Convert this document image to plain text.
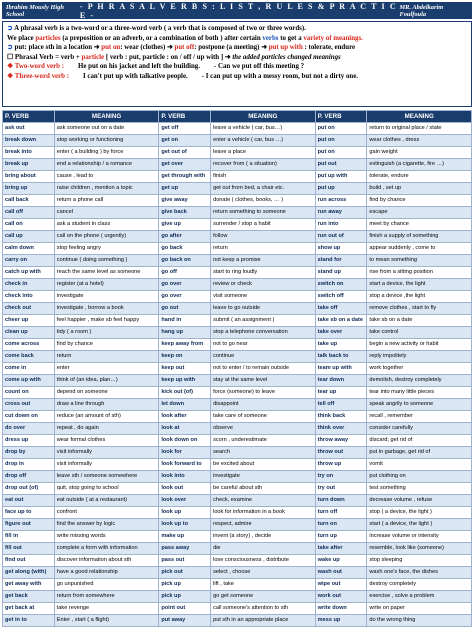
Ibrahim Mously High School
- P H R A S A L V E R B S : L I S T , R U L E S & P R A C T I C E -
MR. Abdelkarim Foulfoula
➲ A phrasal verb is a two-word or a three-word verb ( a verb that is composed of two or three words).
We place particles (a preposition or an adverb, or a combination of both ) after certain verbs to get a variety of meanings.
➲ put: place sth in a location ➜ put on: wear (clothes) ➜ put off: postpone (a meeting) ➜ put up with : tolerate, endure
☐ Phrasal Verb = verb + particle [ verb : put, particle : on / off / up with ] ➜ the added particles changed meanings
❖ Two-word verb : He put on his jacket and left the building. - Can we put off this meeting ?
❖ Three-word verb : I can't put up with talkative people. - I can put up with a messy room, but not a dirty one.
P. VERB	MEANING	P. VERB	MEANING	P. VERB	MEANING
ask out	ask someone out on a date	get off	leave a vehicle ( car, bus…)	put on	return to original place / state
break down	stop working or functioning	get on	enter a vehicle ( car, bus …)	put on	wear clothes , dress
break into	enter ( a building ) by force	get out of	leave a place	put on	gain weight
break up	end a relationship / a romance	get over	recover from ( a situation)	put out	extinguish (a cigarette, fire …)
bring about	cause , lead to	get through with	finish	put up with	tolerate, endure
bring up	raise children , mention a topic	get up	get out from bed, a chair etc.	put up	build , set up
call back	return a phone call	give away	donate ( clothes, books, … )	run across	find by chance
call off	cancel	give back	return something to someone	run away	escape
call on	ask a student in class	give up	surrender / stop a habit	run into	meet by chance
call up	call on the phone ( urgently)	go after	follow	run out of	finish a supply of something
calm down	stop feeling angry	go back	return	show up	appear suddenly , come to
carry on	continue ( doing something )	go back on	not keep a promise	stand for	to mean something
catch up with	reach the same level as someone	go off	start to ring loudly	stand up	rise from a sitting position
check in	register (at a hotel)	go over	review or check	switch on	start a device, the light
check into	investigate	go over	visit someone	switch off	stop a device ,the light
check out	investigate , borrow a book	go out	leave to go outside	take off	remove clothes , start to fly
cheer up	feel happier , make sb feel happy	hand in	submit ( an assignment )	take sb on a date	take sb on a date
clean up	tidy ( a room )	hang up	stop a telephone conversation	take over	take control
come across	find by chance	keep away from	not to go near	take up	begin a new activity or habit
come back	return	keep on	continue	talk back to	reply impolitely
come in	enter	keep out	not to enter / to remain outside	team up with	work together
come up with	think of (an idea, plan…)	keep up with	stay at the same level	tear down	demolish, destroy completely
count on	depend on someone	kick out (of)	force (someone) to leave	tear up	tear into many little pieces
cross out	draw a line through	let down	disappoint	tell off	speak angrily to someone
cut down on	reduce (an amount of sth)	look after	take care of someone	think back	recall , remember
do over	repeat , do again	look at	observe	think over	consider carefully
dress up	wear formal clothes	look down on	scorn , underestimate	throw away	discard; get rid of
drop by	visit informally	look for	search	throw out	put in garbage, get rid of
drop in	visit informally	look forward to	be excited about	throw up	vomit
drop off	leave sth / someone somewhere	look into	investigate	try on	put clothing on
drop out (of)	quit, stop going to school	look out	be careful about sth	try out	test something
eat out	eat outside ( at a restaurant)	look over	check, examine	turn down	decrease volume , refuse
face up to	confront	look up	look for information in a book	turn off	stop ( a device, the light )
figure out	find the answer by logic	look up to	respect, admire	turn on	start ( a device, the light )
fill in	write missing words	make up	invent (a story) , decide	turn up	increase volume or intensity
fill out	complete a form with information	pass away	die	take after	resemble, look like (someone)
find out	discover information about sth	pass out	lose consciousness , distribute	wake up	stop sleeping
get along (with)	have a good relationship	pick out	select , choose	wash out	wash one's face, the dishes
get away with	go unpunished	pick up	lift , take	wipe out	destroy completely
get back	return from somewhere	pick up	go get someone	work out	exercise , solve a problem
get back at	take revenge	point out	call someone's attention to sth	write down	write on paper
get in to	Enter , start ( a flight)	put away	put sth in an appropriate place	mess up	do the wrong thing
